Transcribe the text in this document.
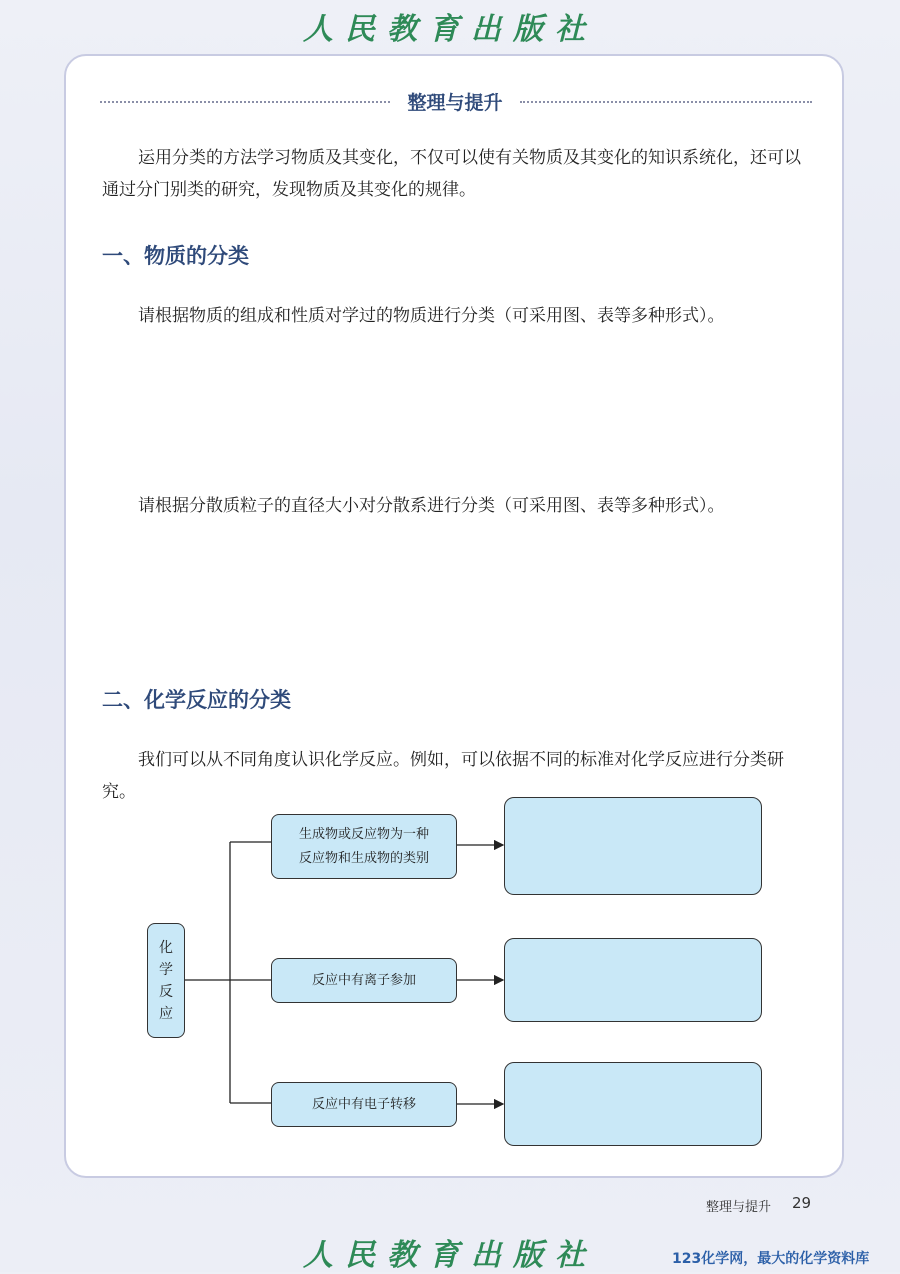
人民教育出版社
整理与提升
运用分类的方法学习物质及其变化，不仅可以使有关物质及其变化的知识系统化，还可以通过分门别类的研究，发现物质及其变化的规律。
一、物质的分类
请根据物质的组成和性质对学过的物质进行分类（可采用图、表等多种形式）。
请根据分散质粒子的直径大小对分散系进行分类（可采用图、表等多种形式）。
二、化学反应的分类
我们可以从不同角度认识化学反应。例如，可以依据不同的标准对化学反应进行分类研究。
化
学
反
应
生成物或反应物为一种
反应物和生成物的类别
反应中有离子参加
反应中有电子转移
整理与提升 29
人民教育出版社	123化学网，最大的化学资料库
